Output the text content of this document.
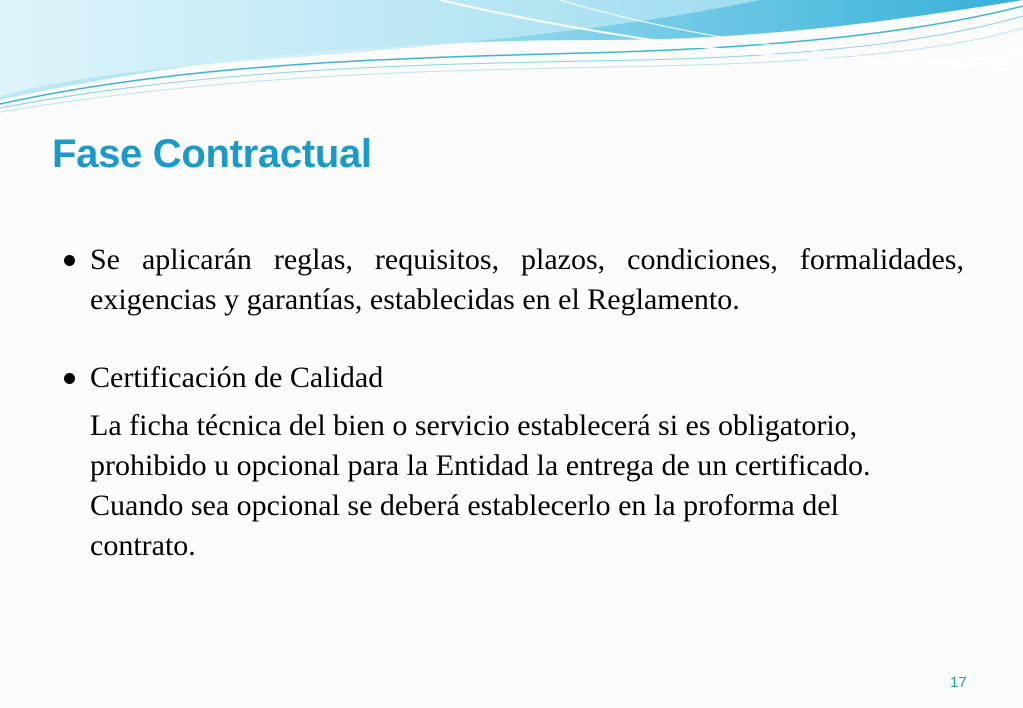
Fase Contractual

Se aplicarán reglas, requisitos, plazos, condiciones, formalidades, exigencias y garantías, establecidas en el Reglamento.

Certificación de Calidad

La ficha técnica del bien o servicio establecerá si es obligatorio, prohibido u opcional para la Entidad la entrega de un certificado. Cuando sea opcional se deberá establecerlo en la proforma del contrato.

17
